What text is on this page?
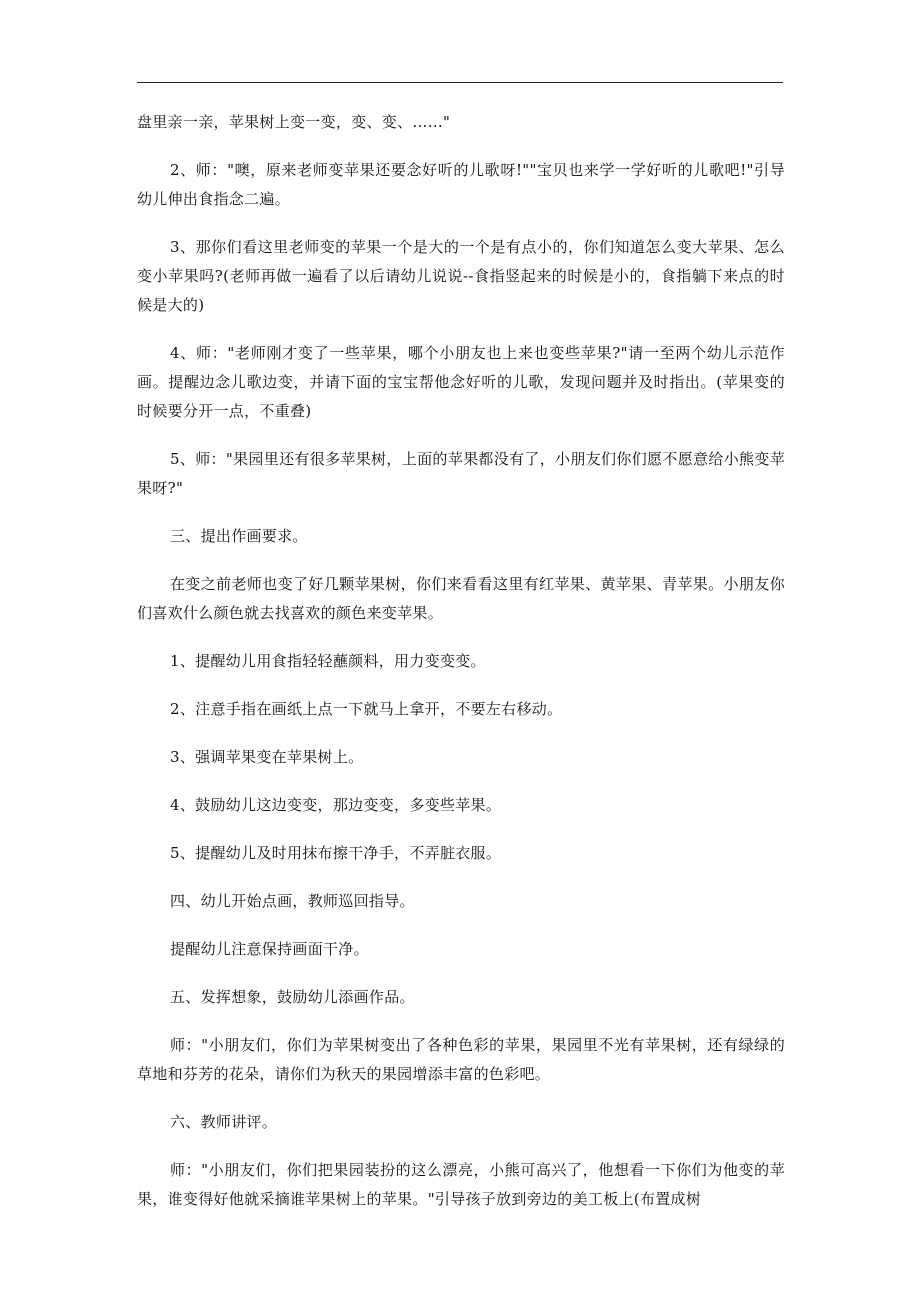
盘里亲一亲，苹果树上变一变，变、变、……"

2、师："噢，原来老师变苹果还要念好听的儿歌呀!""宝贝也来学一学好听的儿歌吧!"引导幼儿伸出食指念二遍。

3、那你们看这里老师变的苹果一个是大的一个是有点小的，你们知道怎么变大苹果、怎么变小苹果吗?(老师再做一遍看了以后请幼儿说说--食指竖起来的时候是小的，食指躺下来点的时候是大的)

4、师："老师刚才变了一些苹果，哪个小朋友也上来也变些苹果?"请一至两个幼儿示范作画。提醒边念儿歌边变，并请下面的宝宝帮他念好听的儿歌，发现问题并及时指出。(苹果变的时候要分开一点，不重叠)

5、师："果园里还有很多苹果树，上面的苹果都没有了，小朋友们你们愿不愿意给小熊变苹果呀?"

三、提出作画要求。

在变之前老师也变了好几颗苹果树，你们来看看这里有红苹果、黄苹果、青苹果。小朋友你们喜欢什么颜色就去找喜欢的颜色来变苹果。

1、提醒幼儿用食指轻轻蘸颜料，用力变变变。

2、注意手指在画纸上点一下就马上拿开，不要左右移动。

3、强调苹果变在苹果树上。

4、鼓励幼儿这边变变，那边变变，多变些苹果。

5、提醒幼儿及时用抹布擦干净手，不弄脏衣服。

四、幼儿开始点画，教师巡回指导。

提醒幼儿注意保持画面干净。

五、发挥想象，鼓励幼儿添画作品。

师："小朋友们，你们为苹果树变出了各种色彩的苹果，果园里不光有苹果树，还有绿绿的草地和芬芳的花朵，请你们为秋天的果园增添丰富的色彩吧。

六、教师讲评。

师："小朋友们，你们把果园装扮的这么漂亮，小熊可高兴了，他想看一下你们为他变的苹果，谁变得好他就采摘谁苹果树上的苹果。"引导孩子放到旁边的美工板上(布置成树
